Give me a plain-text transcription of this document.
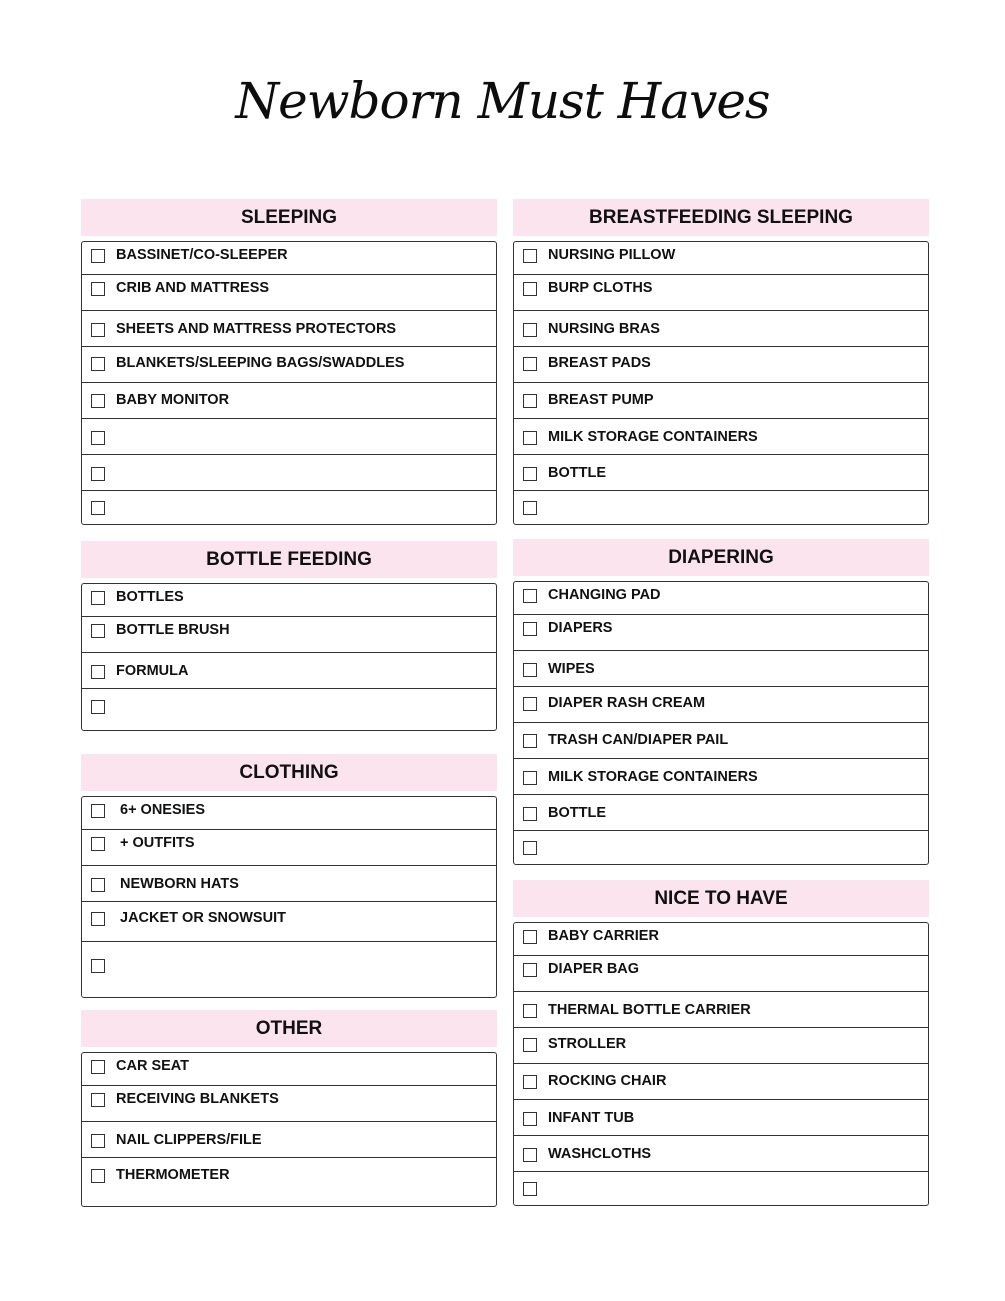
Newborn Must Haves
SLEEPING
BASSINET/CO-SLEEPER
CRIB AND MATTRESS
SHEETS AND MATTRESS PROTECTORS
BLANKETS/SLEEPING BAGS/SWADDLES
BABY MONITOR
BREASTFEEDING SLEEPING
NURSING PILLOW
BURP CLOTHS
NURSING BRAS
BREAST PADS
BREAST PUMP
MILK STORAGE CONTAINERS
BOTTLE
BOTTLE FEEDING
BOTTLES
BOTTLE BRUSH
FORMULA
DIAPERING
CHANGING PAD
DIAPERS
WIPES
DIAPER RASH CREAM
TRASH CAN/DIAPER PAIL
MILK STORAGE CONTAINERS
BOTTLE
CLOTHING
6+ ONESIES
+ OUTFITS
NEWBORN HATS
JACKET OR SNOWSUIT
NICE TO HAVE
BABY CARRIER
DIAPER BAG
THERMAL BOTTLE CARRIER
STROLLER
ROCKING CHAIR
INFANT TUB
WASHCLOTHS
OTHER
CAR SEAT
RECEIVING BLANKETS
NAIL CLIPPERS/FILE
THERMOMETER
